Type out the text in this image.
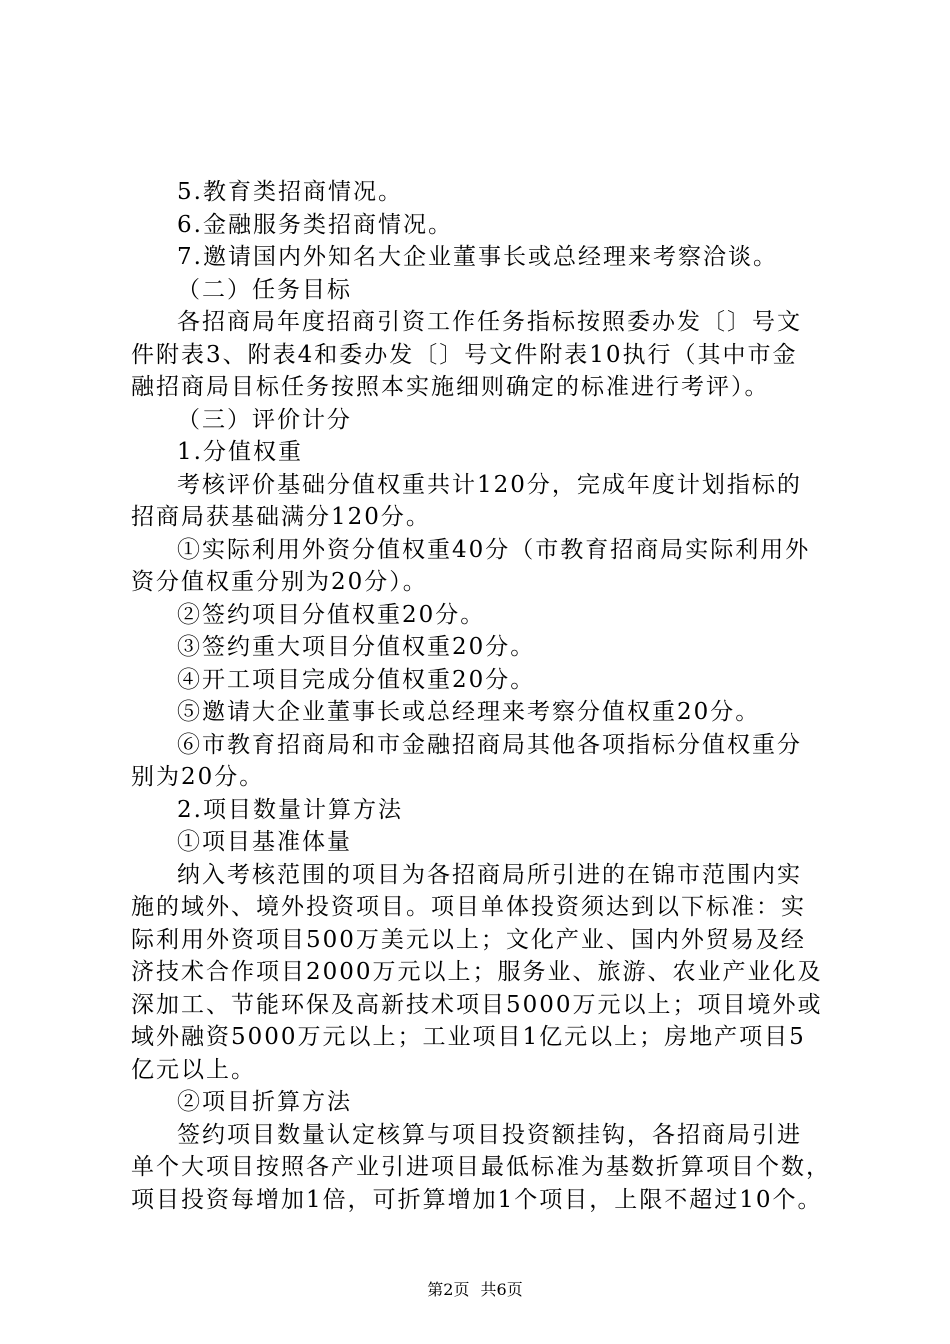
5.教育类招商情况。
6.金融服务类招商情况。
7.邀请国内外知名大企业董事长或总经理来考察洽谈。
（二）任务目标
各招商局年度招商引资工作任务指标按照委办发〔〕号文
件附表3、附表4和委办发〔〕号文件附表10执行（其中市金
融招商局目标任务按照本实施细则确定的标准进行考评）。
（三）评价计分
1.分值权重
考核评价基础分值权重共计120分，完成年度计划指标的
招商局获基础满分120分。
①实际利用外资分值权重40分（市教育招商局实际利用外
资分值权重分别为20分）。
②签约项目分值权重20分。
③签约重大项目分值权重20分。
④开工项目完成分值权重20分。
⑤邀请大企业董事长或总经理来考察分值权重20分。
⑥市教育招商局和市金融招商局其他各项指标分值权重分
别为20分。
2.项目数量计算方法
①项目基准体量
纳入考核范围的项目为各招商局所引进的在锦市范围内实
施的域外、境外投资项目。项目单体投资须达到以下标准：实
际利用外资项目500万美元以上；文化产业、国内外贸易及经
济技术合作项目2000万元以上；服务业、旅游、农业产业化及
深加工、节能环保及高新技术项目5000万元以上；项目境外或
域外融资5000万元以上；工业项目1亿元以上；房地产项目5
亿元以上。
②项目折算方法
签约项目数量认定核算与项目投资额挂钩，各招商局引进
单个大项目按照各产业引进项目最低标准为基数折算项目个数，
项目投资每增加1倍，可折算增加1个项目，上限不超过10个。
第2页 共6页
